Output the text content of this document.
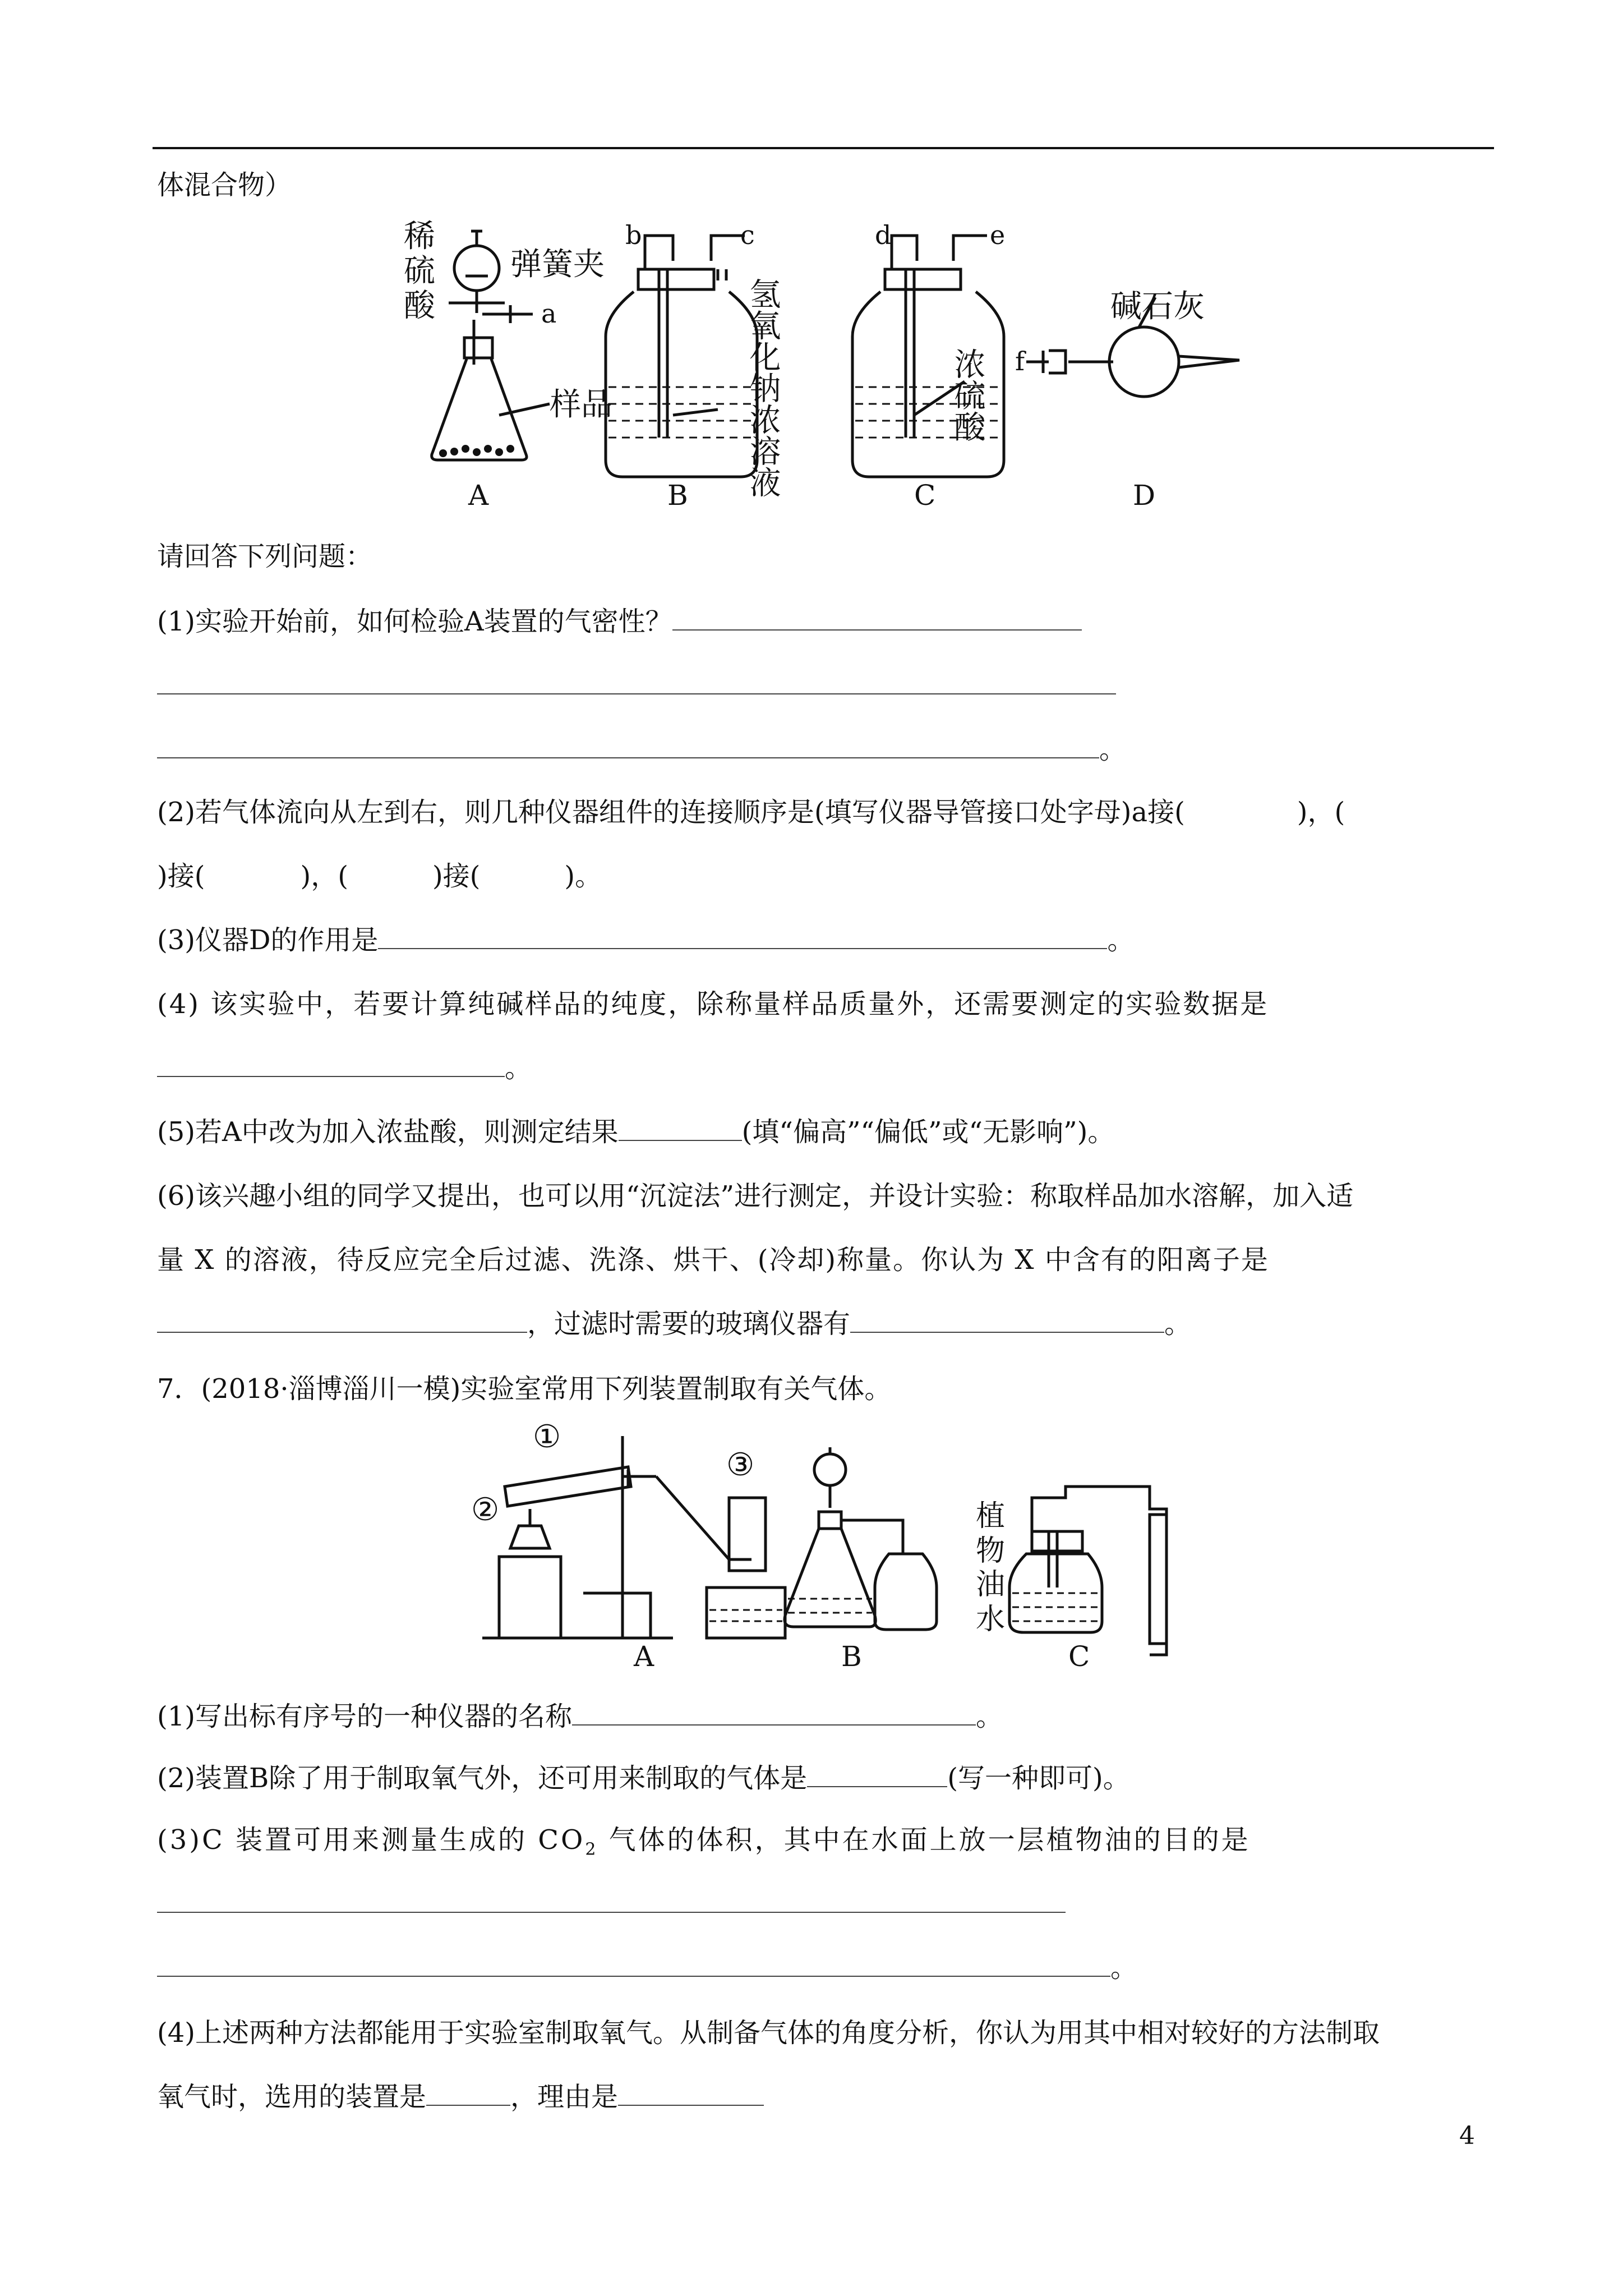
体混合物）
稀
硫
酸
弹簧夹
a
样品
b	c
氢氧化钠浓溶液
d	e
浓硫酸
碱石灰
f
A	B	C	D
请回答下列问题：
(1)实验开始前，如何检验A装置的气密性？
。
(2)若气体流向从左到右，则几种仪器组件的连接顺序是(填写仪器导管接口处字母)a接(	)，(
)接(	)，(	)接(	)。
(3)仪器D的作用是	。
(4) 该实验中，若要计算纯碱样品的纯度，除称量样品质量外，还需要测定的实验数据是
。
(5)若A中改为加入浓盐酸，则测定结果	(填“偏高”“偏低”或“无影响”)。
(6)该兴趣小组的同学又提出，也可以用“沉淀法”进行测定，并设计实验：称取样品加水溶解，加入适
量 X 的溶液，待反应完全后过滤、洗涤、烘干、(冷却)称量。你认为 X 中含有的阳离子是
，过滤时需要的玻璃仪器有	。
7．(2018·淄博淄川一模)实验室常用下列装置制取有关气体。
①
②
③
植
物
油
水
A	B	C
(1)写出标有序号的一种仪器的名称	。
(2)装置B除了用于制取氧气外，还可用来制取的气体是	(写一种即可)。
(3)C 装置可用来测量生成的 $CO_2$ 气体的体积，其中在水面上放一层植物油的目的是
。
(4)上述两种方法都能用于实验室制取氧气。从制备气体的角度分析，你认为用其中相对较好的方法制取
氧气时，选用的装置是	，理由是
4
